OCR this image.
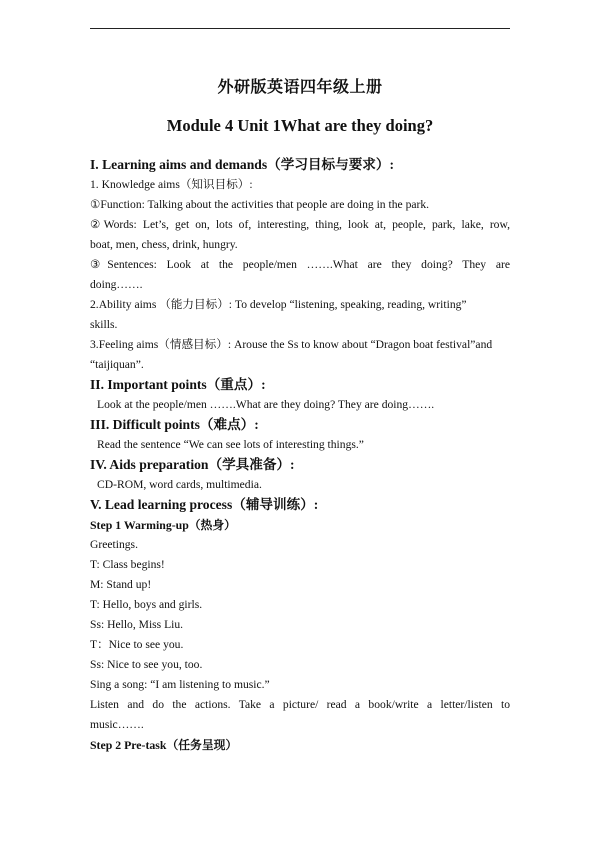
外研版英语四年级上册
Module 4 Unit 1What are they doing?

I. Learning aims and demands（学习目标与要求）:

1. Knowledge aims（知识目标）:

①Function: Talking about the activities that people are doing in the park.

②Words: Let’s, get on, lots of, interesting, thing, look at, people, park, lake, row,

boat, men, chess, drink, hungry.

③Sentences: Look at the people/men …….What are they doing? They are

doing…….

2.Ability aims （能力目标）: To develop “listening, speaking, reading, writing”

skills.

3.Feeling aims（情感目标）: Arouse the Ss to know about “Dragon boat festival”and

“taijiquan”.

II. Important points（重点）:

Look at the people/men …….What are they doing? They are doing…….

III. Difficult points（难点）:

Read the sentence “We can see lots of interesting things.”

IV. Aids preparation（学具准备）:

CD-ROM, word cards, multimedia.

V. Lead learning process（辅导训练）:

Step 1 Warming-up（热身）

Greetings.

T: Class begins!

M: Stand up!

T: Hello, boys and girls.

Ss: Hello, Miss Liu.

T：Nice to see you.

Ss: Nice to see you, too.

Sing a song: “I am listening to music.”

Listen and do the actions. Take a picture/ read a book/write a letter/listen to

music…….

Step 2 Pre-task（任务呈现）
